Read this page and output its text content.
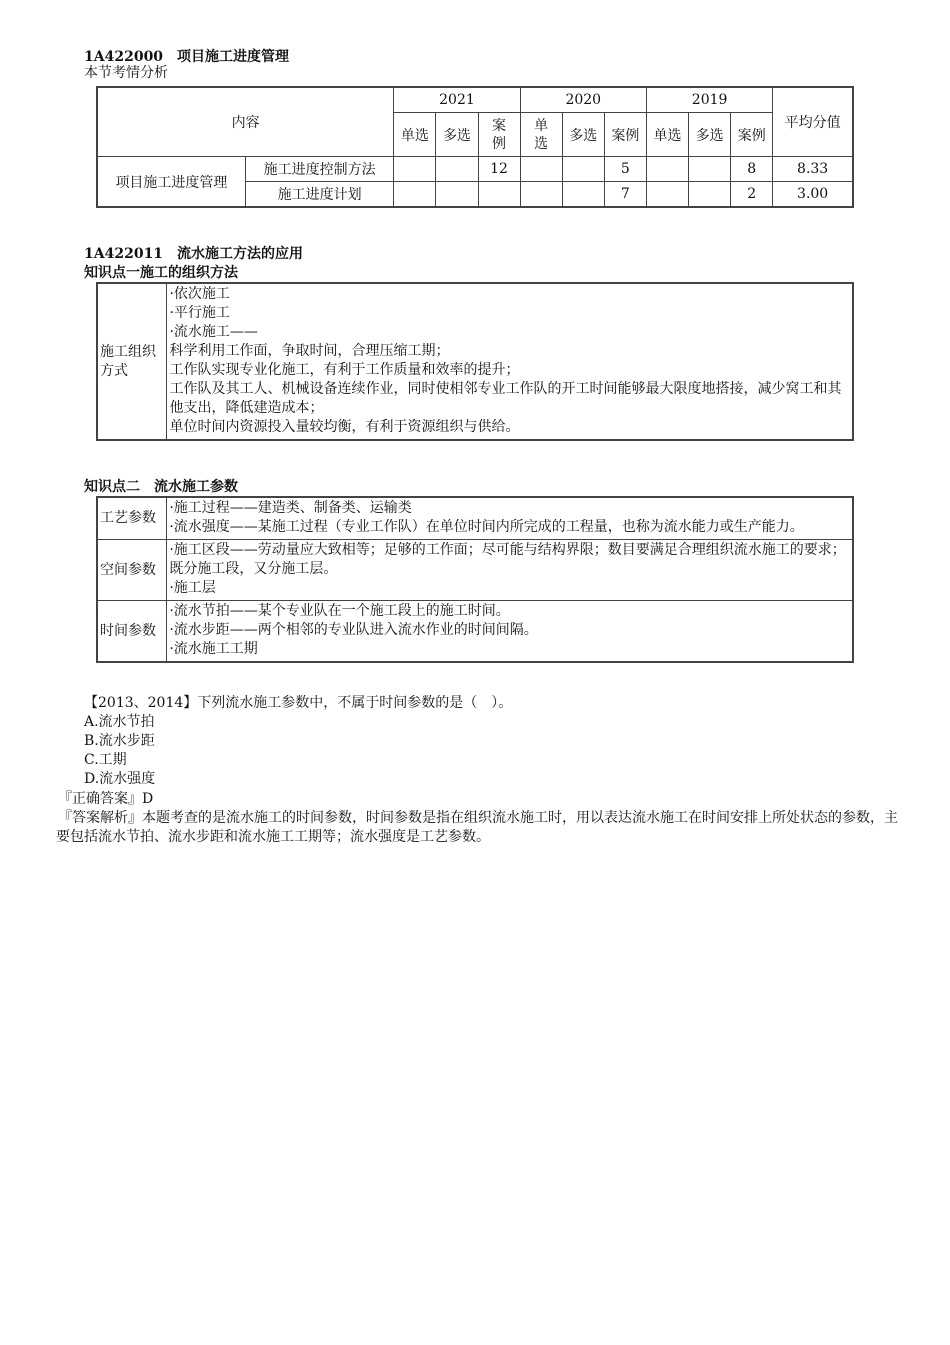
1A422000　项目施工进度管理
本节考情分析
内容		2021			2020			2019			平均分值
		单选	多选	案例	单选	多选	案例	单选	多选	案例	
项目施工进度管理	施工进度控制方法			12			5			8	8.33
	施工进度计划						7			2	3.00
1A422011　流水施工方法的应用
知识点一施工的组织方法
施工组织方式

·依次施工
·平行施工
·流水施工——
科学利用工作面，争取时间，合理压缩工期；
工作队实现专业化施工，有利于工作质量和效率的提升；
工作队及其工人、机械设备连续作业，同时使相邻专业工作队的开工时间能够最大限度地搭接，减少窝工和其他支出，降低建造成本；
单位时间内资源投入量较均衡，有利于资源组织与供给。
知识点二　流水施工参数
工艺参数	·施工过程——建造类、制备类、运输类
·流水强度——某施工过程（专业工作队）在单位时间内所完成的工程量，也称为流水能力或生产能力。

空间参数	·施工区段——劳动量应大致相等；足够的工作面；尽可能与结构界限；数目要满足合理组织流水施工的要求；既分施工段，又分施工层。
·施工层

时间参数	·流水节拍——某个专业队在一个施工段上的施工时间。
·流水步距——两个相邻的专业队进入流水作业的时间间隔。
·流水施工工期
【2013、2014】下列流水施工参数中，不属于时间参数的是（　）。
A.流水节拍
B.流水步距
C.工期
D.流水强度
『正确答案』D
『答案解析』本题考查的是流水施工的时间参数，时间参数是指在组织流水施工时，用以表达流水施工在时间安排上所处状态的参数，主要包括流水节拍、流水步距和流水施工工期等；流水强度是工艺参数。
